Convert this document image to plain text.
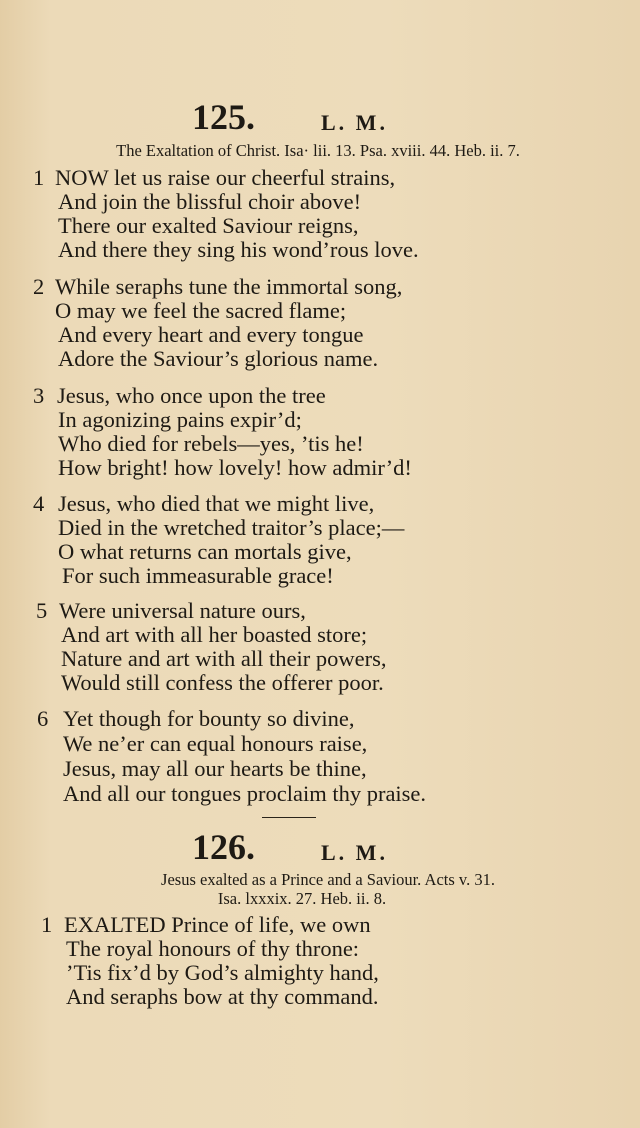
125.	L. M.
The Exaltation of Christ. Isa· lii. 13. Psa. xviii. 44. Heb. ii. 7.
1 NOW let us raise our cheerful strains,
And join the blissful choir above!
There our exalted Saviour reigns,
And there they sing his wond’rous love.
2 While seraphs tune the immortal song,
O may we feel the sacred flame;
And every heart and every tongue
Adore the Saviour’s glorious name.
3 Jesus, who once upon the tree
In agonizing pains expir’d;
Who died for rebels—yes, ’tis he!
How bright! how lovely! how admir’d!
4 Jesus, who died that we might live,
Died in the wretched traitor’s place;—
O what returns can mortals give,
For such immeasurable grace!
5 Were universal nature ours,
And art with all her boasted store;
Nature and art with all their powers,
Would still confess the offerer poor.
6 Yet though for bounty so divine,
We ne’er can equal honours raise,
Jesus, may all our hearts be thine,
And all our tongues proclaim thy praise.
126.	L. M.
Jesus exalted as a Prince and a Saviour. Acts v. 31.
Isa. lxxxix. 27. Heb. ii. 8.
1 EXALTED Prince of life, we own
The royal honours of thy throne:
’Tis fix’d by God’s almighty hand,
And seraphs bow at thy command.
